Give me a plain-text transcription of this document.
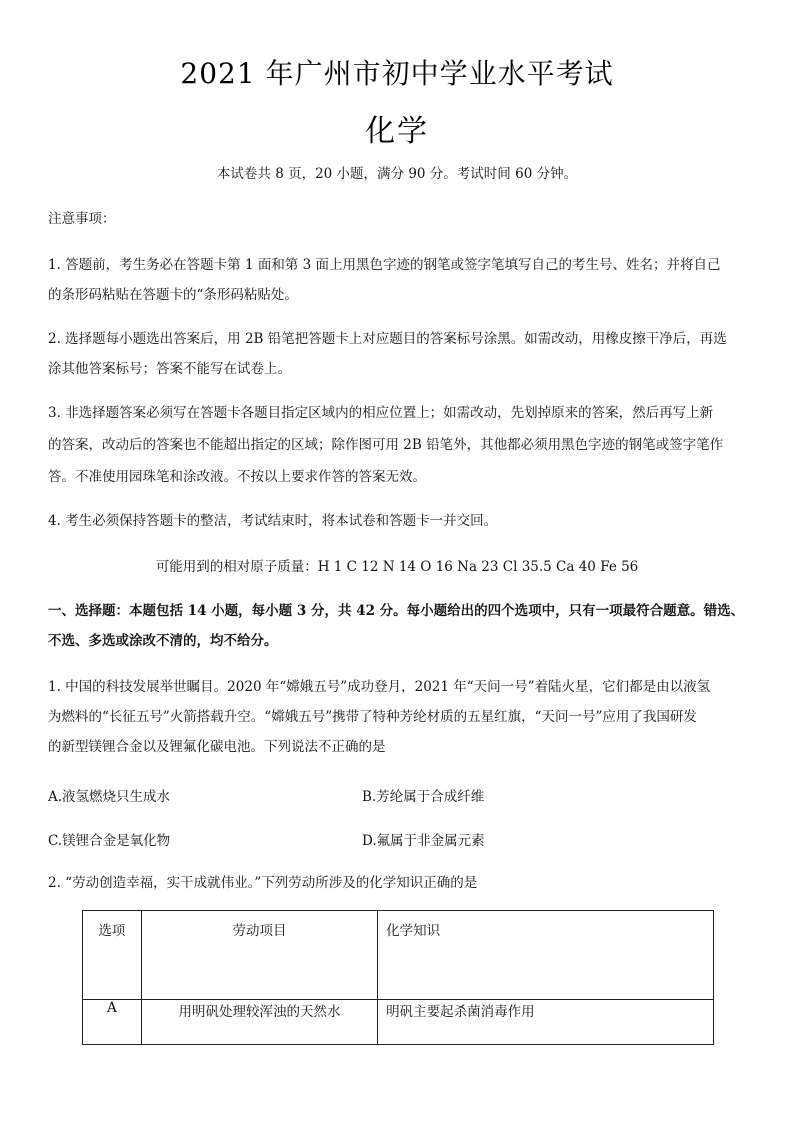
2021 年广州市初中学业水平考试
化学
本试卷共 8 页，20 小题，满分 90 分。考试时间 60 分钟。
注意事项：
1. 答题前，考生务必在答题卡第 1 面和第 3 面上用黑色字迹的钢笔或签字笔填写自己的考生号、姓名；并将自己
的条形码粘贴在答题卡的“条形码粘贴处。
2. 选择题每小题选出答案后，用 2B 铅笔把答题卡上对应题目的答案标号涂黑。如需改动，用橡皮擦干净后，再选
涂其他答案标号；答案不能写在试卷上。
3. 非选择题答案必须写在答题卡各题目指定区域内的相应位置上；如需改动，先划掉原来的答案，然后再写上新
的答案，改动后的答案也不能超出指定的区域；除作图可用 2B 铅笔外，其他都必须用黑色字迹的钢笔或签字笔作
答。不准使用园珠笔和涂改液。不按以上要求作答的答案无效。
4. 考生必须保持答题卡的整洁，考试结束时，将本试卷和答题卡一并交回。
可能用到的相对原子质量：H 1 C 12 N 14 O 16 Na 23 Cl 35.5 Ca 40 Fe 56
一、选择题：本题包括 14 小题，每小题 3 分，共 42 分。每小题给出的四个选项中，只有一项最符合题意。错选、
不选、多选或涂改不清的，均不给分。
1. 中国的科技发展举世瞩目。2020 年“嫦娥五号”成功登月，2021 年“天问一号”着陆火星，它们都是由以液氢
为燃料的“长征五号”火箭搭载升空。“嫦娥五号”携带了特种芳纶材质的五星红旗，“天问一号”应用了我国研发
的新型镁锂合金以及锂氟化碳电池。下列说法不正确的是
A.液氢燃烧只生成水	B.芳纶属于合成纤维
C.镁锂合金是氧化物	D.氟属于非金属元素
2. “劳动创造幸福，实干成就伟业。”下列劳动所涉及的化学知识正确的是
选项	劳动项目	化学知识

A	用明矾处理较浑浊的天然水	明矾主要起杀菌消毒作用
